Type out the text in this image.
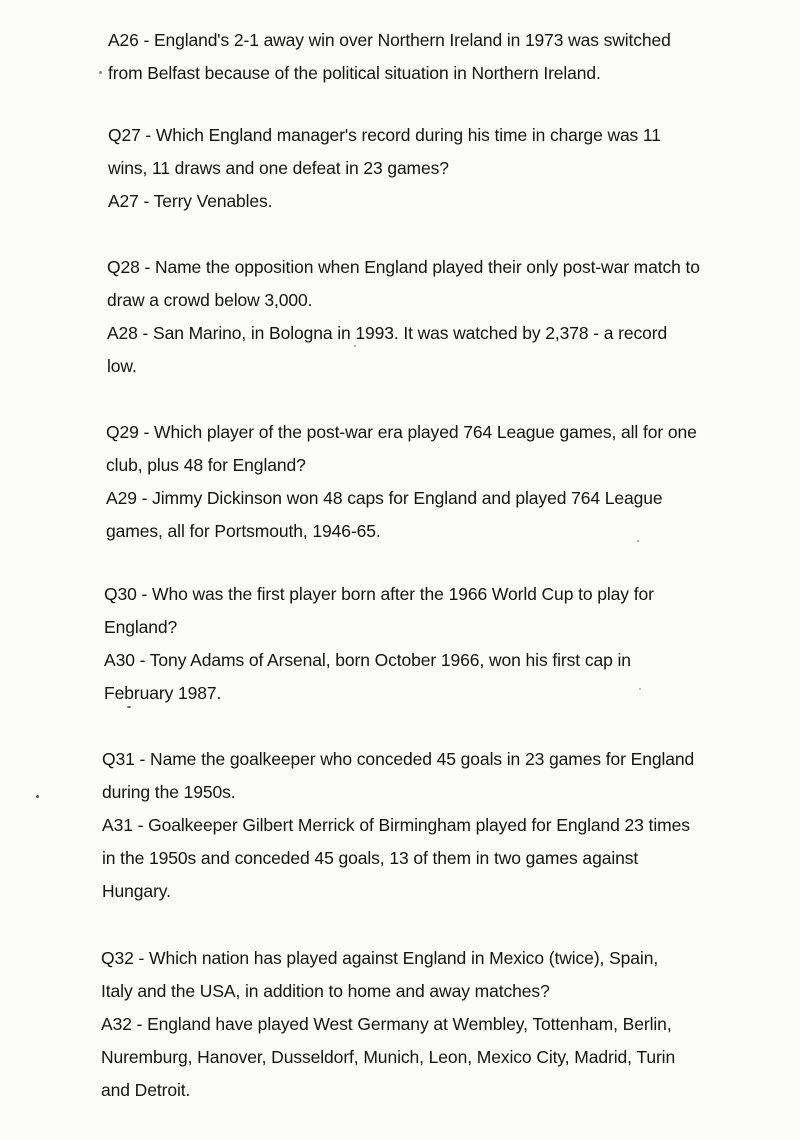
A26 - England's 2-1 away win over Northern Ireland in 1973 was switched
from Belfast because of the political situation in Northern Ireland.
Q27 - Which England manager's record during his time in charge was 11
wins, 11 draws and one defeat in 23 games?
A27 - Terry Venables.
Q28 - Name the opposition when England played their only post-war match to
draw a crowd below 3,000.
A28 - San Marino, in Bologna in 1993. It was watched by 2,378 - a record
low.
Q29 - Which player of the post-war era played 764 League games, all for one
club, plus 48 for England?
A29 - Jimmy Dickinson won 48 caps for England and played 764 League
games, all for Portsmouth, 1946-65.
Q30 - Who was the first player born after the 1966 World Cup to play for
England?
A30 - Tony Adams of Arsenal, born October 1966, won his first cap in
February 1987.
Q31 - Name the goalkeeper who conceded 45 goals in 23 games for England
during the 1950s.
A31 - Goalkeeper Gilbert Merrick of Birmingham played for England 23 times
in the 1950s and conceded 45 goals, 13 of them in two games against
Hungary.
Q32 - Which nation has played against England in Mexico (twice), Spain,
Italy and the USA, in addition to home and away matches?
A32 - England have played West Germany at Wembley, Tottenham, Berlin,
Nuremburg, Hanover, Dusseldorf, Munich, Leon, Mexico City, Madrid, Turin
and Detroit.
